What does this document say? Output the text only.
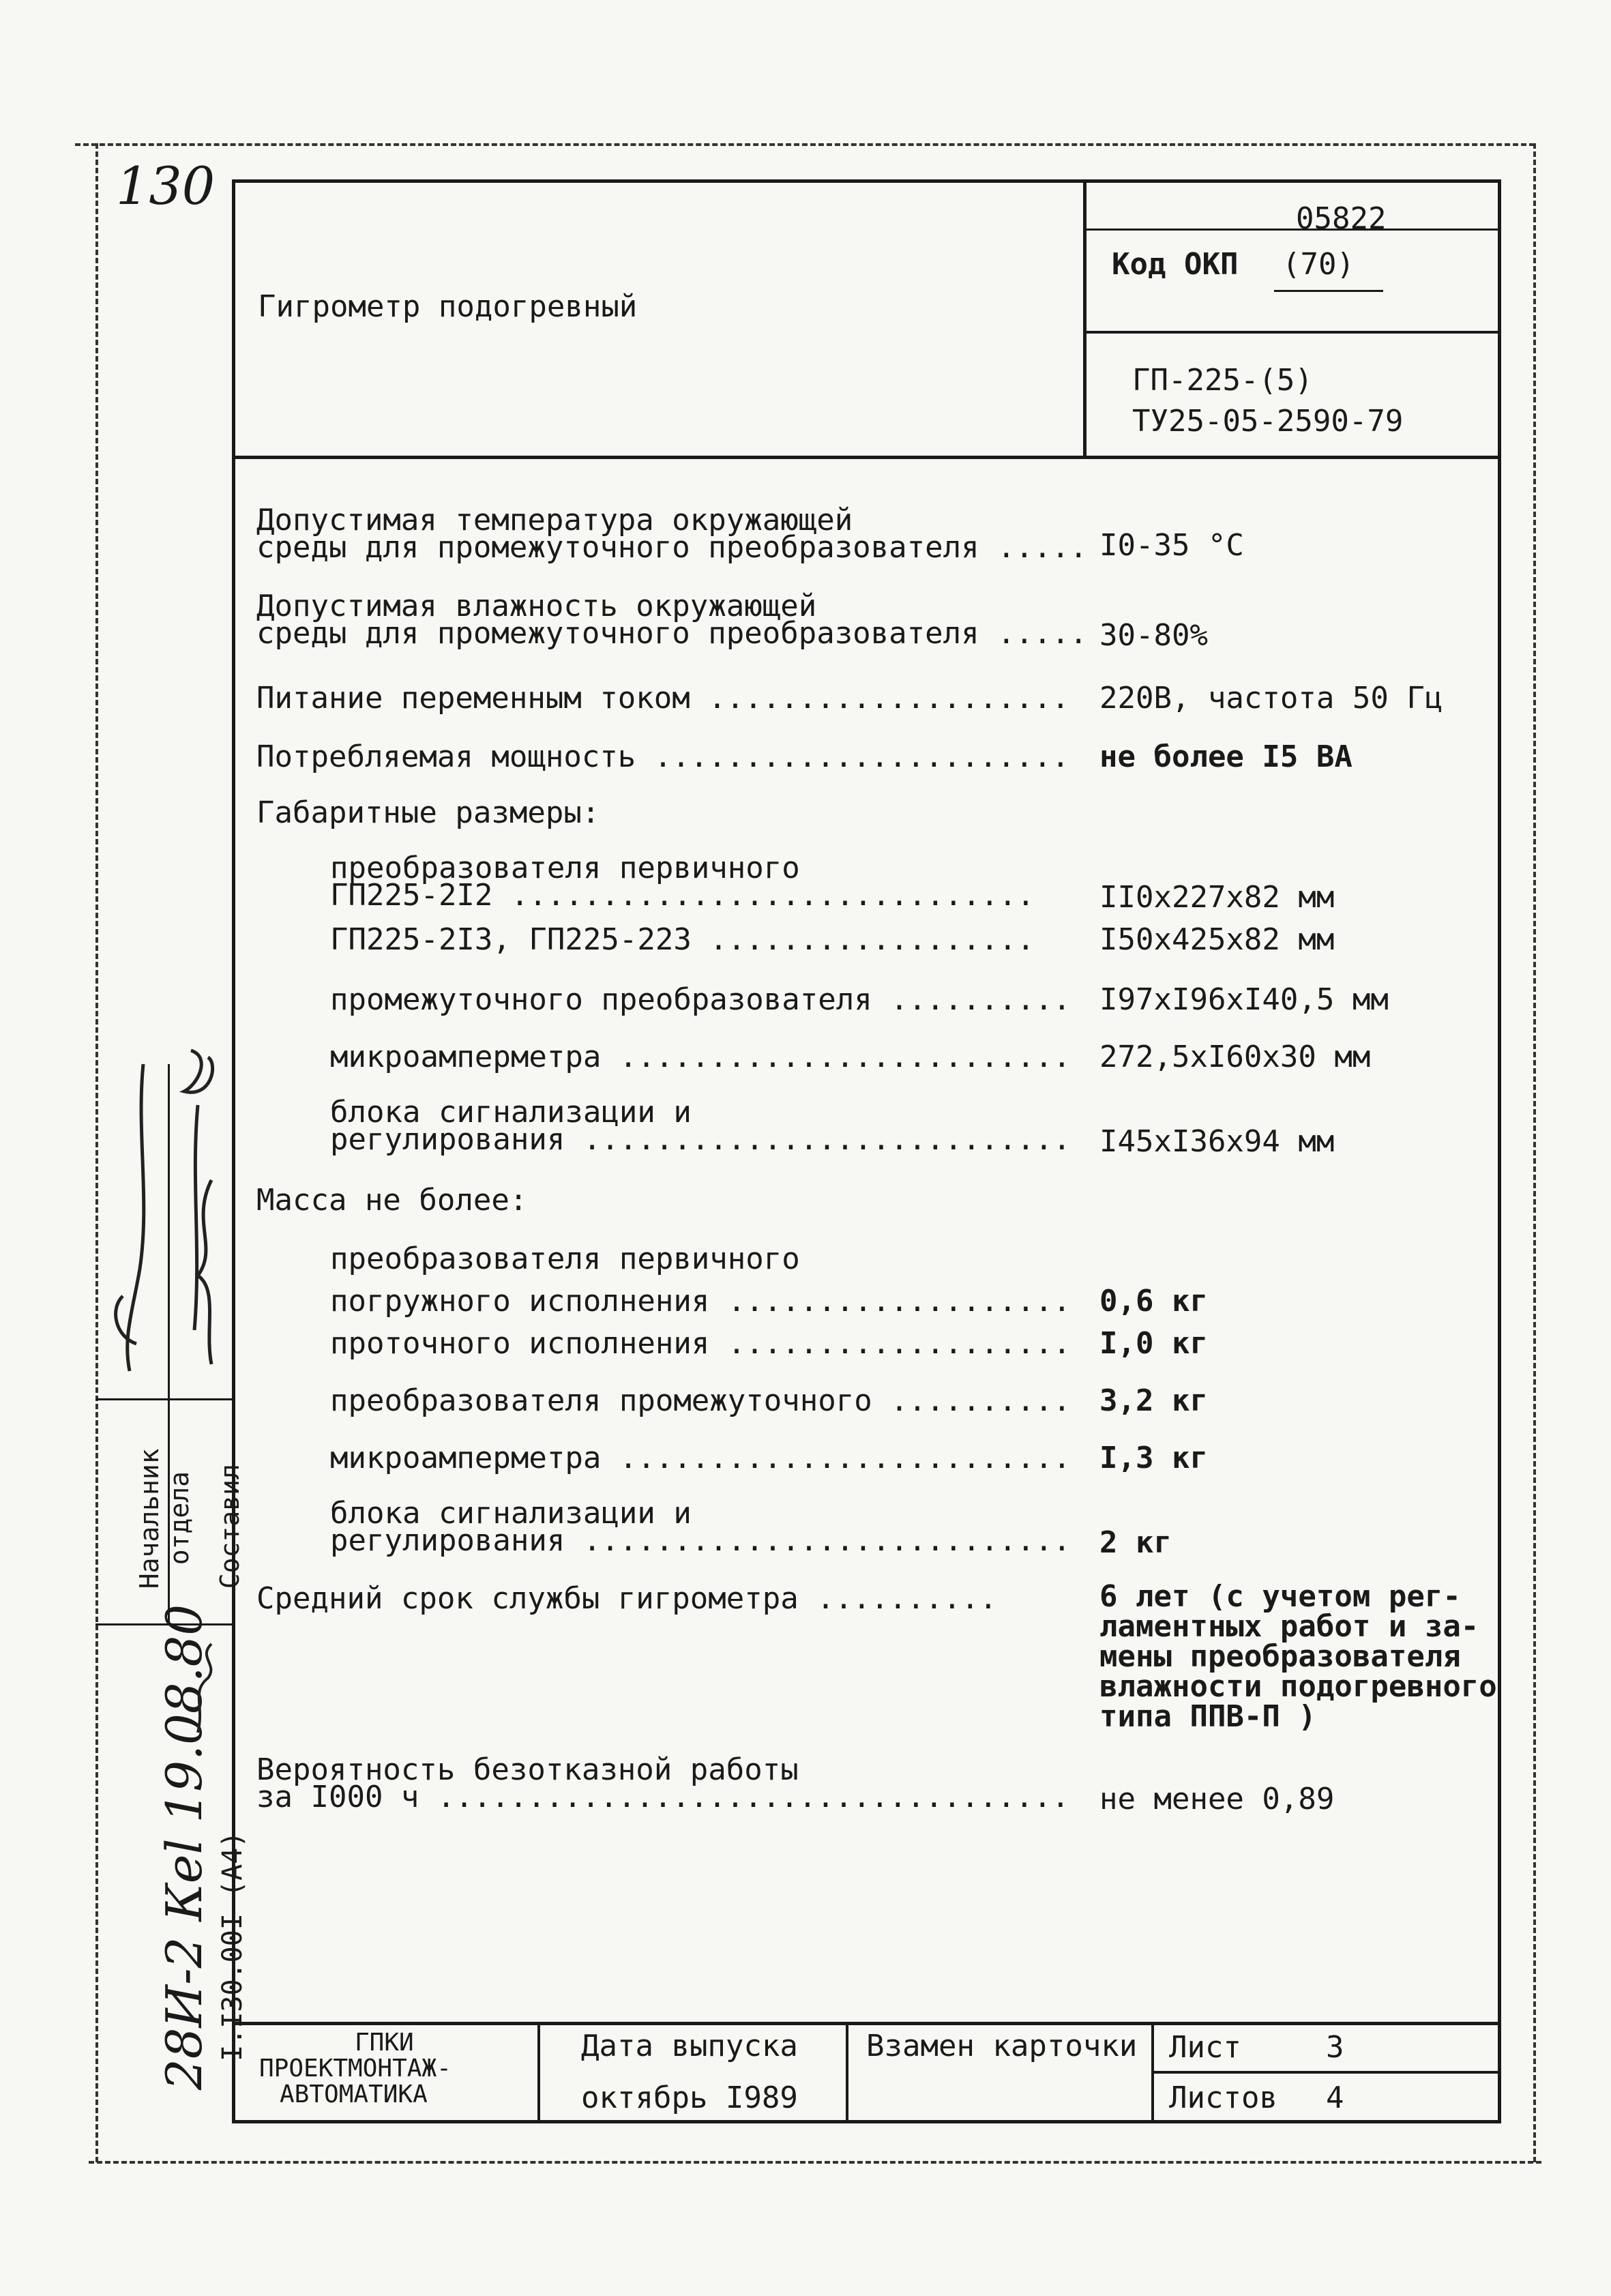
130
Гигрометр подогревный
05822
Код ОКП (70)
ГП-225-(5)
ТУ25-05-2590-79
Допустимая температура окружающей
среды для промежуточного преобразователя ..... I0-35 °C
Допустимая влажность окружающей
среды для промежуточного преобразователя ..... 30-80%
Питание переменным током .................... 220В, частота 50 Гц
Потребляемая мощность ....................... не более I5 ВА
Габаритные размеры:
преобразователя первичного
ГП225-2I2 ............................. II0x227x82 мм
ГП225-2I3, ГП225-223 .................. I50x425x82 мм
промежуточного преобразователя .......... I97xI96xI40,5 мм
микроамперметра ......................... 272,5xI60x30 мм
блока сигнализации и
регулирования ........................... I45xI36x94 мм
Масса не более:
преобразователя первичного
погружного исполнения ................... 0,6 кг
проточного исполнения ................... I,0 кг
преобразователя промежуточного .......... 3,2 кг
микроамперметра ......................... I,3 кг
блока сигнализации и
регулирования ........................... 2 кг
Средний срок службы гигрометра ..........	6 лет (с учетом рег-
ламентных работ и за-
мены преобразователя
влажности подогревного
типа ППВ-П )
Вероятность безотказной работы
за I000 ч ................................... не менее 0,89
ГПКИ
ПРОЕКТМОНТАЖ-
АВТОМАТИКА
Дата выпуска
октябрь I989
Взамен карточки Лист	3
Листов 4

Начальник отдела Составил

I.I30.00I (А4)

28И-2 Кеl 19.08.80
